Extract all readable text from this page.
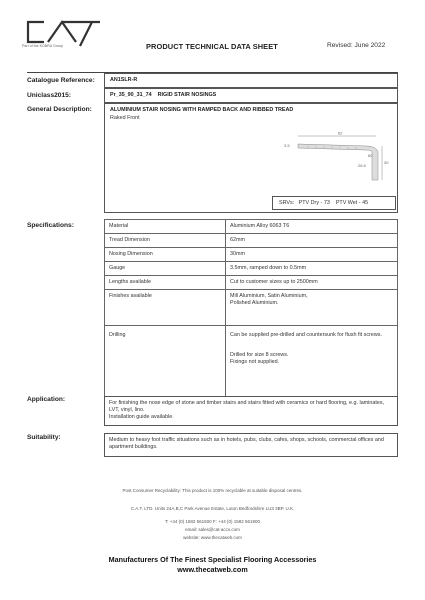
Part of the KOBRA Group	PRODUCT TECHNICAL DATA SHEET	Revised: June 2022
Catalogue Reference:	AN1SLR-R
Uniclass2015:	Pr_35_90_31_74    RIGID STAIR NOSINGS
General Description:	ALUMINIUM STAIR NOSING WITH RAMPED BACK AND RIBBED TREAD
Raked Front
62
3.5
60
26.6
30
SRVs:   PTV Dry - 73    PTV Wet - 45
Specifications:	Material	Aluminium Alloy 6063 T6
Tread Dimension	62mm
Nosing Dimension	30mm
Gauge	3.5mm, ramped down to 0.5mm
Lengths available	Cut to customer sizes up to 2500mm
Finishes available	Mill Aluminium, Satin Aluminium,
Polished Aluminium.

Drilling	Can be supplied pre-drilled and countersunk for flush fit screws.
Drilled for size 8 screws.
Fixings not supplied.
Application:	For finishing the nose edge of stone and timber stairs and stairs fitted with ceramics or hard flooring, e.g. laminates, LVT, vinyl, lino.
Installation guide available.
Suitability:	Medium to heavy foot traffic situations such as in hotels, pubs, clubs, cafes, shops, schools, commercial offices and apartment buildings.
Post Consumer Recyclability: This product is 100% recyclable at suitable disposal centres.
C.A.T. LTD. Units 24A,B,C Park Avenue Estate, Luton Bedfordshire LU3 3BP. U.K.
T: +44 (0) 1582 561500 F: +44 (0) 1582 561900
email: sales@cat-accs.com
website: www.thecatweb.com
Manufacturers Of The Finest Specialist Flooring Accessories
www.thecatweb.com
